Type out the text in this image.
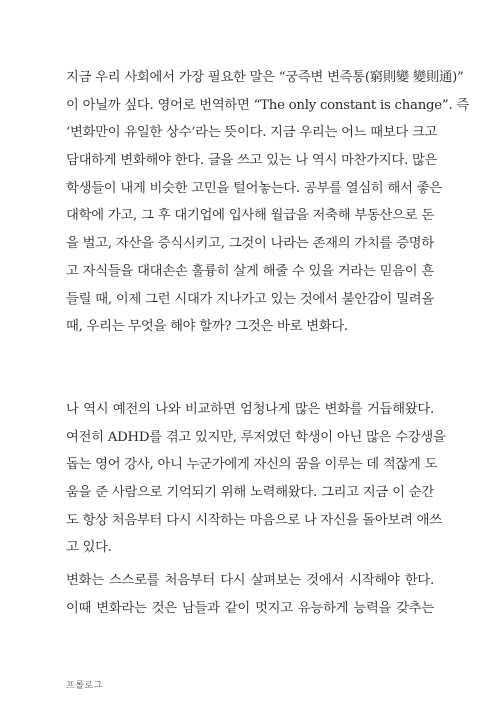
지금 우리 사회에서 가장 필요한 말은 “궁즉변 변즉통(窮則變 變則通)”
이 아닐까 싶다. 영어로 번역하면 “The only constant is change”. 즉
‘변화만이 유일한 상수’라는 뜻이다. 지금 우리는 어느 때보다 크고
담대하게 변화해야 한다. 글을 쓰고 있는 나 역시 마찬가지다. 많은
학생들이 내게 비슷한 고민을 털어놓는다. 공부를 열심히 해서 좋은
대학에 가고, 그 후 대기업에 입사해 월급을 저축해 부동산으로 돈
을 벌고, 자산을 증식시키고, 그것이 나라는 존재의 가치를 증명하
고 자식들을 대대손손 훌륭히 살게 해줄 수 있을 거라는 믿음이 흔
들릴 때, 이제 그런 시대가 지나가고 있는 것에서 불안감이 밀려올
때, 우리는 무엇을 해야 할까? 그것은 바로 변화다.
나 역시 예전의 나와 비교하면 엄청나게 많은 변화를 거듭해왔다.
여전히 ADHD를 겪고 있지만, 루저였던 학생이 아닌 많은 수강생을
돕는 영어 강사, 아니 누군가에게 자신의 꿈을 이루는 데 적잖게 도
움을 준 사람으로 기억되기 위해 노력해왔다. 그리고 지금 이 순간
도 항상 처음부터 다시 시작하는 마음으로 나 자신을 돌아보려 애쓰
고 있다.
변화는 스스로를 처음부터 다시 살펴보는 것에서 시작해야 한다.
이때 변화라는 것은 남들과 같이 멋지고 유능하게 능력을 갖추는
프롤로그
